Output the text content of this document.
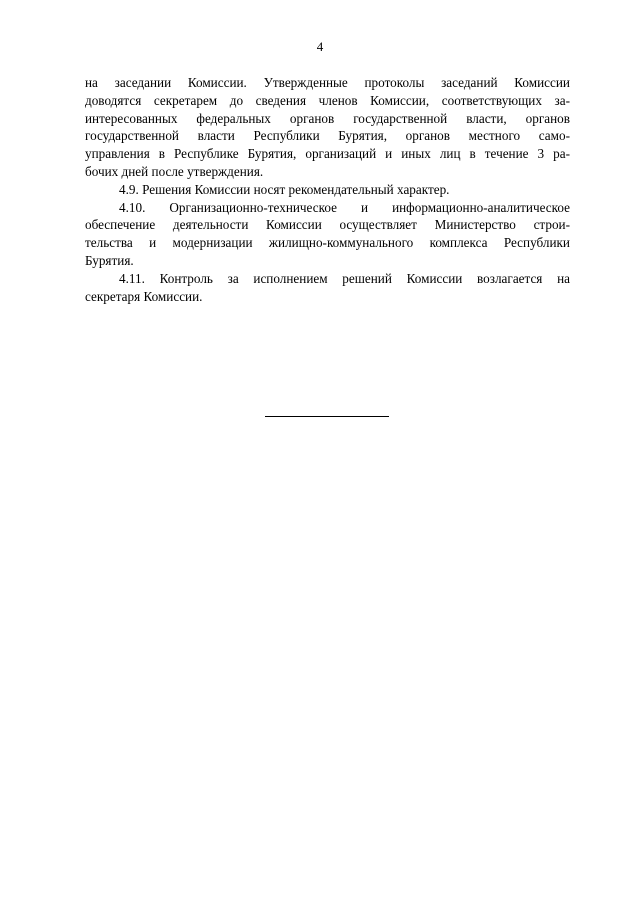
4
на заседании Комиссии. Утвержденные протоколы заседаний Комиссии
доводятся секретарем до сведения членов Комиссии, соответствующих за-
интересованных федеральных органов государственной власти, органов
государственной власти Республики Бурятия, органов местного само-
управления в Республике Бурятия, организаций и иных лиц в течение 3 ра-
бочих дней после утверждения.
4.9. Решения Комиссии носят рекомендательный характер.
4.10. Организационно-техническое и информационно-аналитическое
обеспечение деятельности Комиссии осуществляет Министерство строи-
тельства и модернизации жилищно-коммунального комплекса Республики
Бурятия.
4.11. Контроль за исполнением решений Комиссии возлагается на
секретаря Комиссии.
